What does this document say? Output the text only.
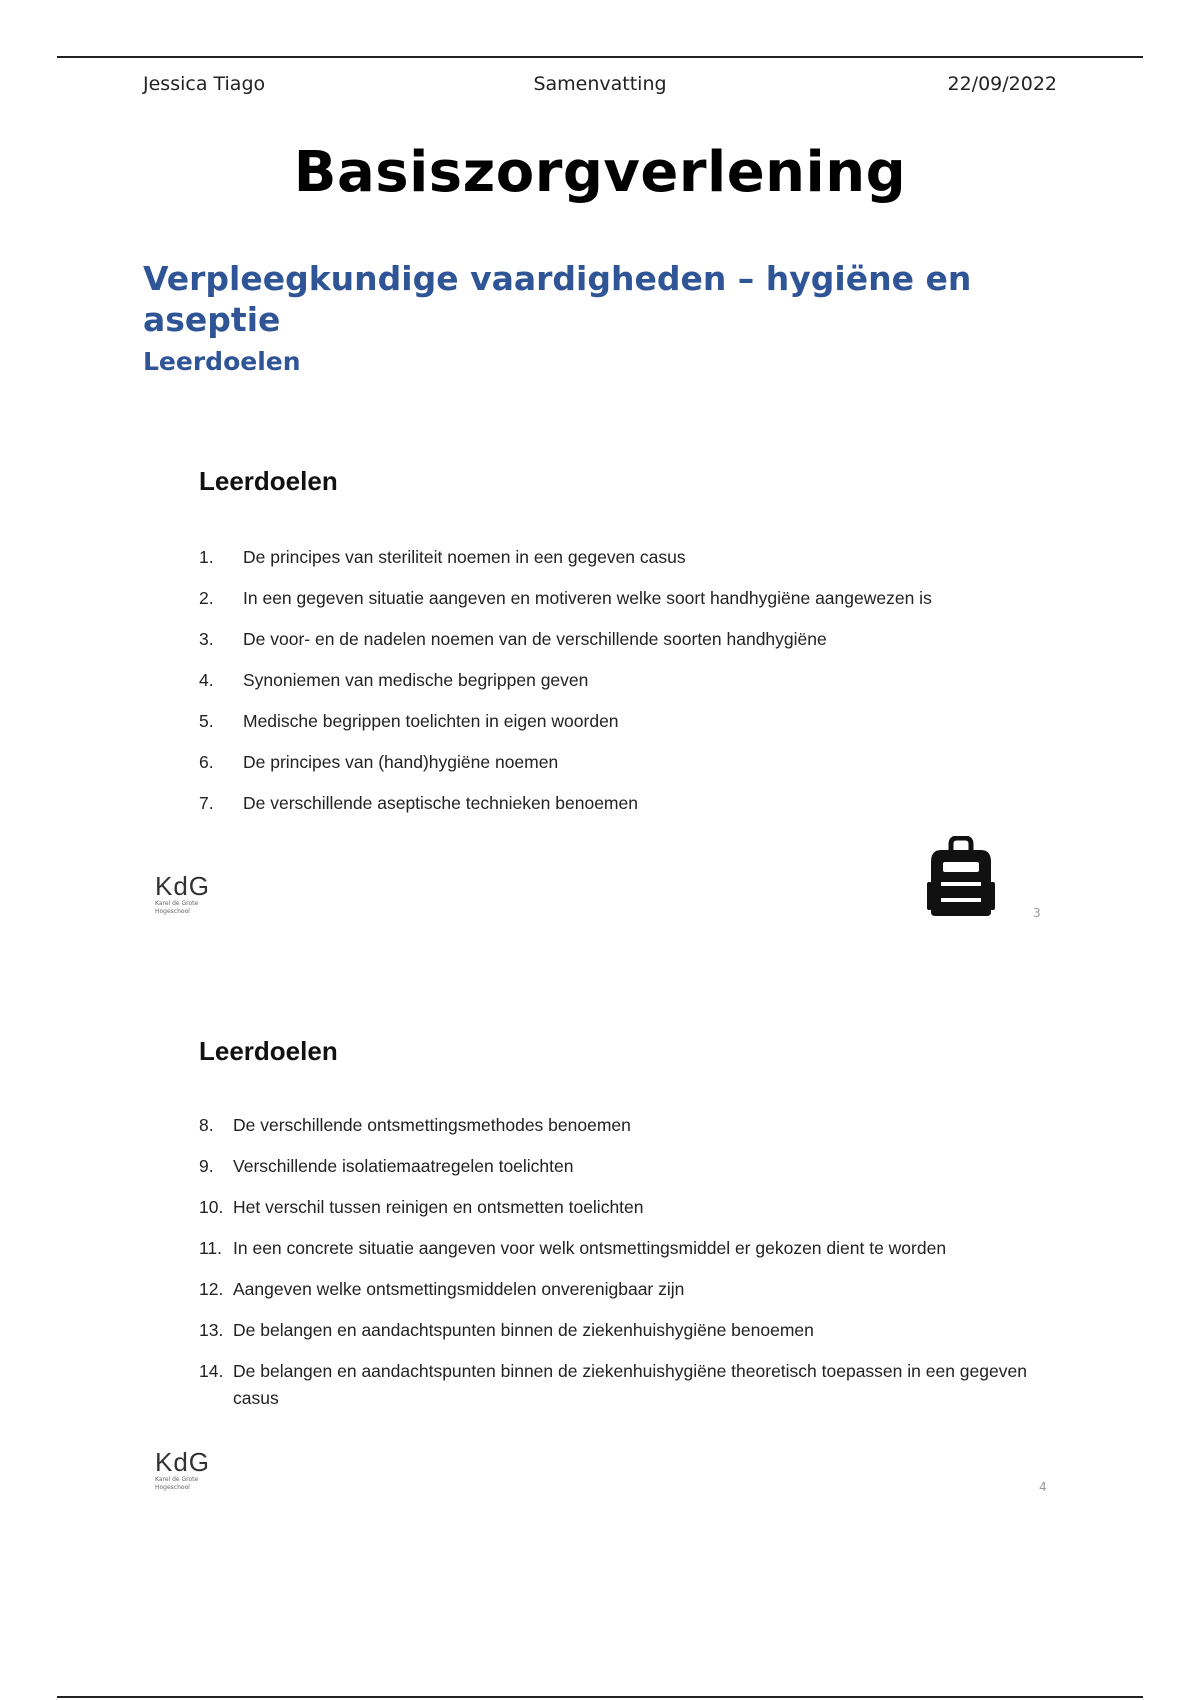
Jessica Tiago	Samenvatting	22/09/2022
Basiszorgverlening
Verpleegkundige vaardigheden – hygiëne en aseptie
Leerdoelen
Leerdoelen
1. De principes van steriliteit noemen in een gegeven casus
2. In een gegeven situatie aangeven en motiveren welke soort handhygiëne aangewezen is
3. De voor- en de nadelen noemen van de verschillende soorten handhygiëne
4. Synoniemen van medische begrippen geven
5. Medische begrippen toelichten in eigen woorden
6. De principes van (hand)hygiëne noemen
7. De verschillende aseptische technieken benoemen
KdG
Karel de Grote Hogeschool	3
Leerdoelen
8. De verschillende ontsmettingsmethodes benoemen
9. Verschillende isolatiemaatregelen toelichten
10. Het verschil tussen reinigen en ontsmetten toelichten
11. In een concrete situatie aangeven voor welk ontsmettingsmiddel er gekozen dient te worden
12. Aangeven welke ontsmettingsmiddelen onverenigbaar zijn
13. De belangen en aandachtspunten binnen de ziekenhuishygiëne benoemen
14. De belangen en aandachtspunten binnen de ziekenhuishygiëne theoretisch toepassen in een gegeven casus
KdG
Karel de Grote Hogeschool	4
